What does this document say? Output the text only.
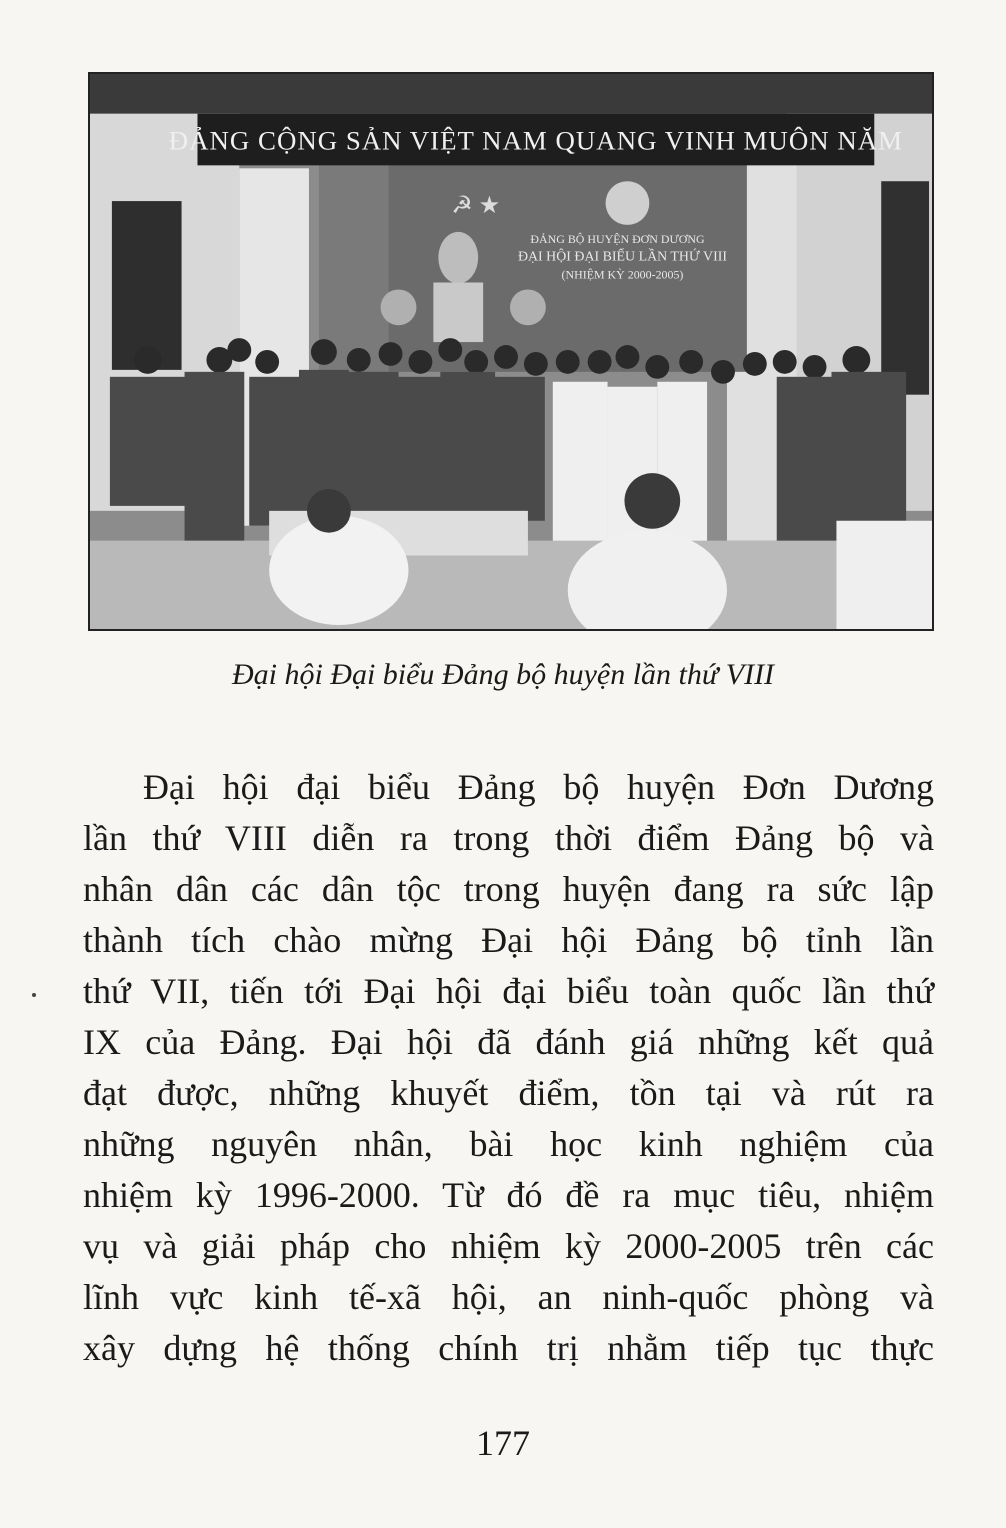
ĐẢNG CỘNG SẢN VIỆT NAM QUANG VINH MUÔN NĂM
☭ ★
ĐẢNG BỘ HUYỆN ĐƠN DƯƠNG
ĐẠI HỘI ĐẠI BIỂU LẦN THỨ VIII
(NHIỆM KỲ 2000-2005)
Đại hội Đại biểu Đảng bộ huyện lần thứ VIII
Đại hội đại biểu Đảng bộ huyện Đơn Dương
lần thứ VIII diễn ra trong thời điểm Đảng bộ và
nhân dân các dân tộc trong huyện đang ra sức lập
thành tích chào mừng Đại hội Đảng bộ tỉnh lần
thứ VII, tiến tới Đại hội đại biểu toàn quốc lần thứ
IX của Đảng. Đại hội đã đánh giá những kết quả
đạt được, những khuyết điểm, tồn tại và rút ra
những nguyên nhân, bài học kinh nghiệm của
nhiệm kỳ 1996-2000. Từ đó đề ra mục tiêu, nhiệm
vụ và giải pháp cho nhiệm kỳ 2000-2005 trên các
lĩnh vực kinh tế-xã hội, an ninh-quốc phòng và
xây dựng hệ thống chính trị nhằm tiếp tục thực
177
